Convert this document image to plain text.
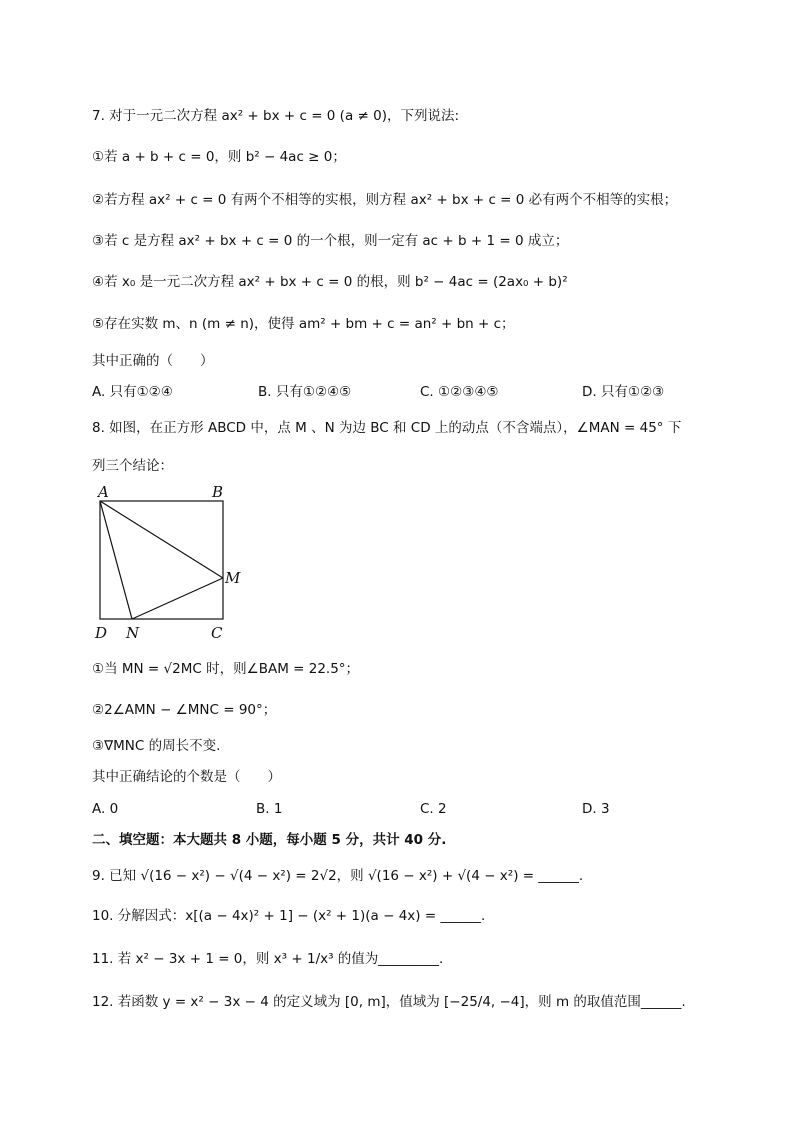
7. 对于一元二次方程 ax² + bx + c = 0 (a ≠ 0)，下列说法:
①若 a + b + c = 0，则 b² − 4ac ≥ 0；
②若方程 ax² + c = 0 有两个不相等的实根，则方程 ax² + bx + c = 0 必有两个不相等的实根；
③若 c 是方程 ax² + bx + c = 0 的一个根，则一定有 ac + b + 1 = 0 成立；
④若 x₀ 是一元二次方程 ax² + bx + c = 0 的根，则 b² − 4ac = (2ax₀ + b)²
⑤存在实数 m、n (m ≠ n)，使得 am² + bm + c = an² + bn + c；
其中正确的（　　）
A. 只有①②④	B. 只有①②④⑤	C. ①②③④⑤	D. 只有①②③
8. 如图，在正方形 ABCD 中，点 M 、N 为边 BC 和 CD 上的动点（不含端点），∠MAN = 45° 下
列三个结论：
A	B
M
D N	C
①当 MN = √2MC 时，则∠BAM = 22.5°；
②2∠AMN − ∠MNC = 90°；
③∇MNC 的周长不变.
其中正确结论的个数是（　　）
A. 0	B. 1	C. 2	D. 3
二、填空题：本大题共 8 小题，每小题 5 分，共计 40 分.
9. 已知 √(16 − x²) − √(4 − x²) = 2√2，则 √(16 − x²) + √(4 − x²) = ______.
10. 分解因式：x[(a − 4x)² + 1] − (x² + 1)(a − 4x) = ______.
11. 若 x² − 3x + 1 = 0，则 x³ + 1/x³ 的值为_________.
12. 若函数 y = x² − 3x − 4 的定义域为 [0, m]，值域为 [−25/4, −4]，则 m 的取值范围______.
